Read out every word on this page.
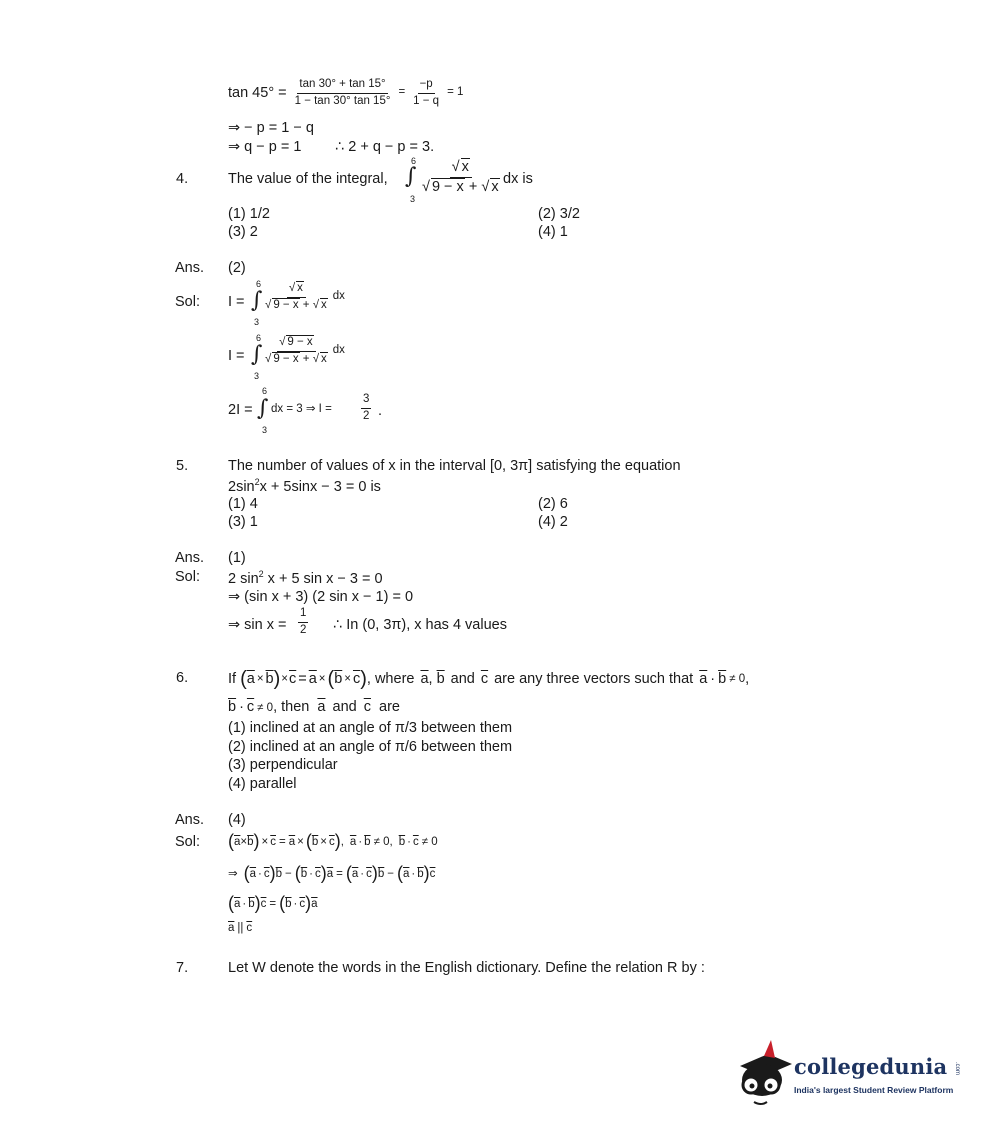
$\tan 45^\circ = \frac{\tan 30^\circ + \tan 15^\circ}{1 - \tan 30^\circ \tan 15^\circ} = \frac{-p}{1 - q} = 1$
⇒ − p = 1 − q
⇒ q − p = 1 ∴ 2 + q − p = 3.
4.	The value of the integral,
6
∫
3
$\frac{√ x}{√ 9 - x + √ x}$ dx is
(1) 1/2	(2) 3/2
(3) 2	(4) 1
Ans. (2)
Sol: I =
6
∫
3
$\frac{√ x}{√ 9 - x + √ x}$ dx
I =
6
∫
3
$\frac{√ 9 - x}{√ 9 - x + √ x}$ dx
2I =
6
∫
3
dx = 3 ⇒ I =	$\frac{3}{2}$ .
5.	The number of values of x in the interval [0, 3π] satisfying the equation
$2\sin^2x + 5\sin x - 3 = 0$ is
(1) 4	(2) 6
(3) 1	(4) 2
Ans. (1)
Sol: 2 $\sin^2 x + 5$ sin x − 3 = 0
⇒ (sin x + 3) (2 sin x − 1) = 0
⇒ $\sin x = \frac{1}{2}$ ∴ In (0, 3π), x has 4 values
6.	If ( $\overline{a} \times \overline{b}$ ) × $\overline{c} = \overline{a}$ × ( $\overline{b} \times \overline{c}$ ) , where $\overline{a}$ , $\overline{b}$ and $\overline{c}$ are any three vectors such that $\overline{a} \cdot \overline{b} \ne 0$ ,
$\overline{b} \cdot \overline{c} \ne 0$, then $\overline{a}$ and $\overline{c}$ are
(1) inclined at an angle of π/3 between them
(2) inclined at an angle of π/6 between them
(3) perpendicular
(4) parallel
Ans. (4)
Sol: ( $\overline{a} \times \overline{b}$ ) × $\overline{c} = \overline{a}$ × ( $\overline{b} \times \overline{c}$ ) , $\overline{a} \cdot \overline{b} \ne 0$ , $\overline{b} \cdot \overline{c} \ne 0$
⇒ ( $\overline{a} \cdot \overline{c}$ ) $\overline{b}$ − ( $\overline{b} \cdot \overline{c}$ ) $\overline{a}$ = ( $\overline{a} \cdot \overline{c}$ ) $\overline{b}$ − ( $\overline{a} \cdot \overline{b}$ ) $\overline{c}$
( $\overline{a} \cdot \overline{b}$ ) $\overline{c}$ = ( $\overline{b} \cdot \overline{c}$ ) $\overline{a}$
$\overline{a}$ || $\overline{c}$
7.	Let W denote the words in the English dictionary. Define the relation R by :
collegedunia
India's largest Student Review Platform
.com
